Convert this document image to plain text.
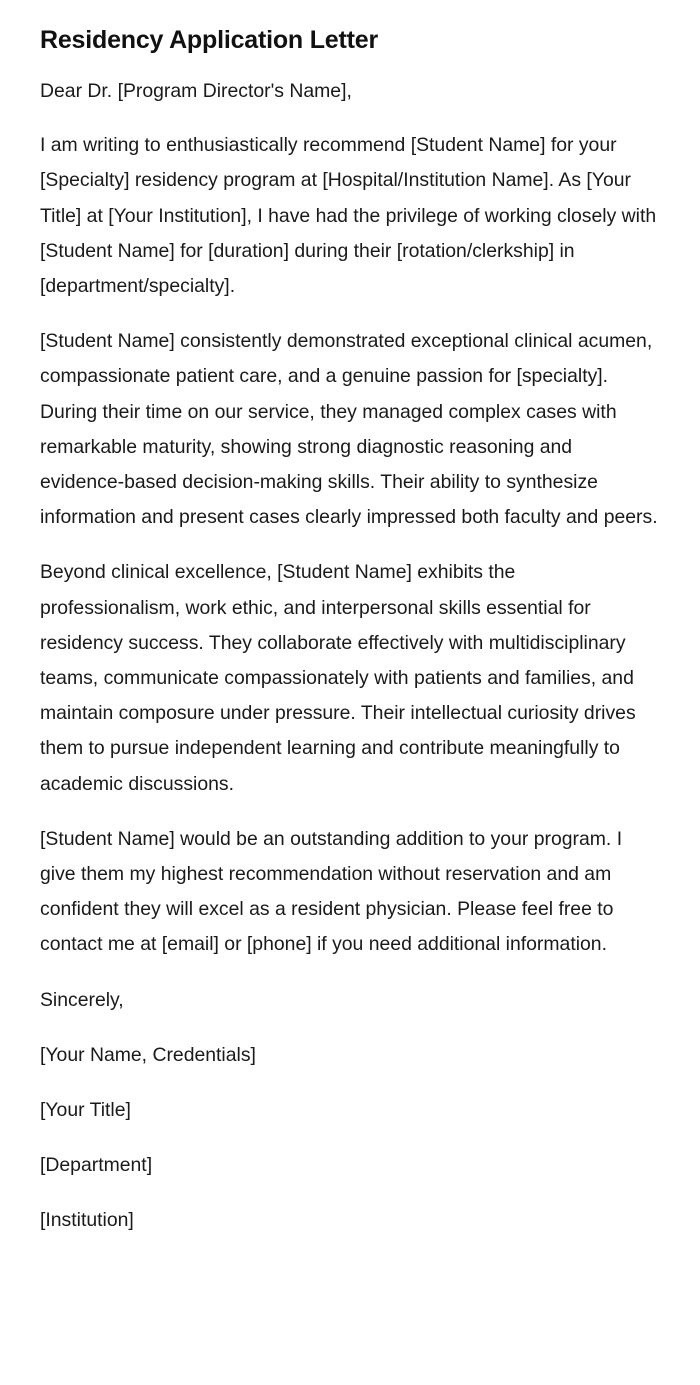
Residency Application Letter

Dear Dr. [Program Director's Name],

I am writing to enthusiastically recommend [Student Name] for your [Specialty] residency program at [Hospital/Institution Name]. As [Your Title] at [Your Institution], I have had the privilege of working closely with [Student Name] for [duration] during their [rotation/clerkship] in [department/specialty].

[Student Name] consistently demonstrated exceptional clinical acumen, compassionate patient care, and a genuine passion for [specialty]. During their time on our service, they managed complex cases with remarkable maturity, showing strong diagnostic reasoning and evidence-based decision-making skills. Their ability to synthesize information and present cases clearly impressed both faculty and peers.

Beyond clinical excellence, [Student Name] exhibits the professionalism, work ethic, and interpersonal skills essential for residency success. They collaborate effectively with multidisciplinary teams, communicate compassionately with patients and families, and maintain composure under pressure. Their intellectual curiosity drives them to pursue independent learning and contribute meaningfully to academic discussions.

[Student Name] would be an outstanding addition to your program. I give them my highest recommendation without reservation and am confident they will excel as a resident physician. Please feel free to contact me at [email] or [phone] if you need additional information.

Sincerely,

[Your Name, Credentials]

[Your Title]

[Department]

[Institution]
